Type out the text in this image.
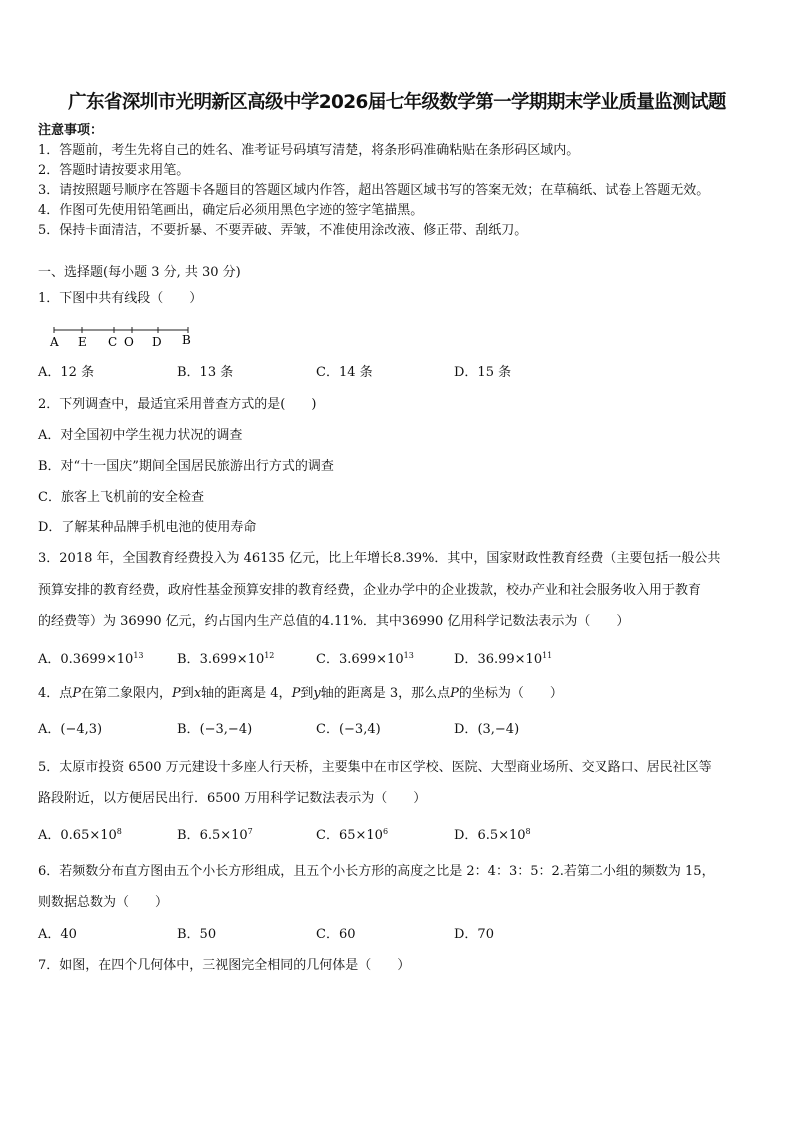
广东省深圳市光明新区高级中学2026届七年级数学第一学期期末学业质量监测试题
注意事项：
1．答题前，考生先将自己的姓名、准考证号码填写清楚，将条形码准确粘贴在条形码区域内。
2．答题时请按要求用笔。
3．请按照题号顺序在答题卡各题目的答题区域内作答，超出答题区域书写的答案无效；在草稿纸、试卷上答题无效。
4．作图可先使用铅笔画出，确定后必须用黑色字迹的签字笔描黑。
5．保持卡面清洁，不要折暴、不要弄破、弄皱，不准使用涂改液、修正带、刮纸刀。
一、选择题(每小题 3 分, 共 30 分)
1．下图中共有线段（　　）
A E C O D B
A．12 条	B．13 条	C．14 条	D．15 条
2．下列调查中，最适宜采用普查方式的是(　　)
A．对全国初中学生视力状况的调查
B．对“十一国庆”期间全国居民旅游出行方式的调查
C．旅客上飞机前的安全检查
D．了解某种品牌手机电池的使用寿命
3．2018 年，全国教育经费投入为 46135 亿元，比上年增长8.39%．其中，国家财政性教育经费（主要包括一般公共
预算安排的教育经费，政府性基金预算安排的教育经费，企业办学中的企业拨款，校办产业和社会服务收入用于教育
的经费等）为 36990 亿元，约占国内生产总值的4.11%．其中36990 亿用科学记数法表示为（　　）
A．$0.3699\times 10^{13}$	B．$3.699\times 10^{12}$	C．$3.699\times 10^{13}$	D．$36.99\times 10^{11}$
4．点P在第二象限内，P到x轴的距离是 4，P到y轴的距离是 3，那么点P的坐标为（　　）
A．(−4,3)	B．(−3,−4)	C．(−3,4)	D．(3,−4)
5．太原市投资 6500 万元建设十多座人行天桥，主要集中在市区学校、医院、大型商业场所、交叉路口、居民社区等
路段附近，以方便居民出行．6500 万用科学记数法表示为（　　）
A．$0.65\times 10^8$	B．$6.5\times 10^7$	C．$65\times 10^6$	D．$6.5\times 10^8$
6．若频数分布直方图由五个小长方形组成，且五个小长方形的高度之比是 2：4：3：5：2.若第二小组的频数为 15，
则数据总数为（　　）
A．40	B．50	C．60	D．70
7．如图，在四个几何体中，三视图完全相同的几何体是（　　）
